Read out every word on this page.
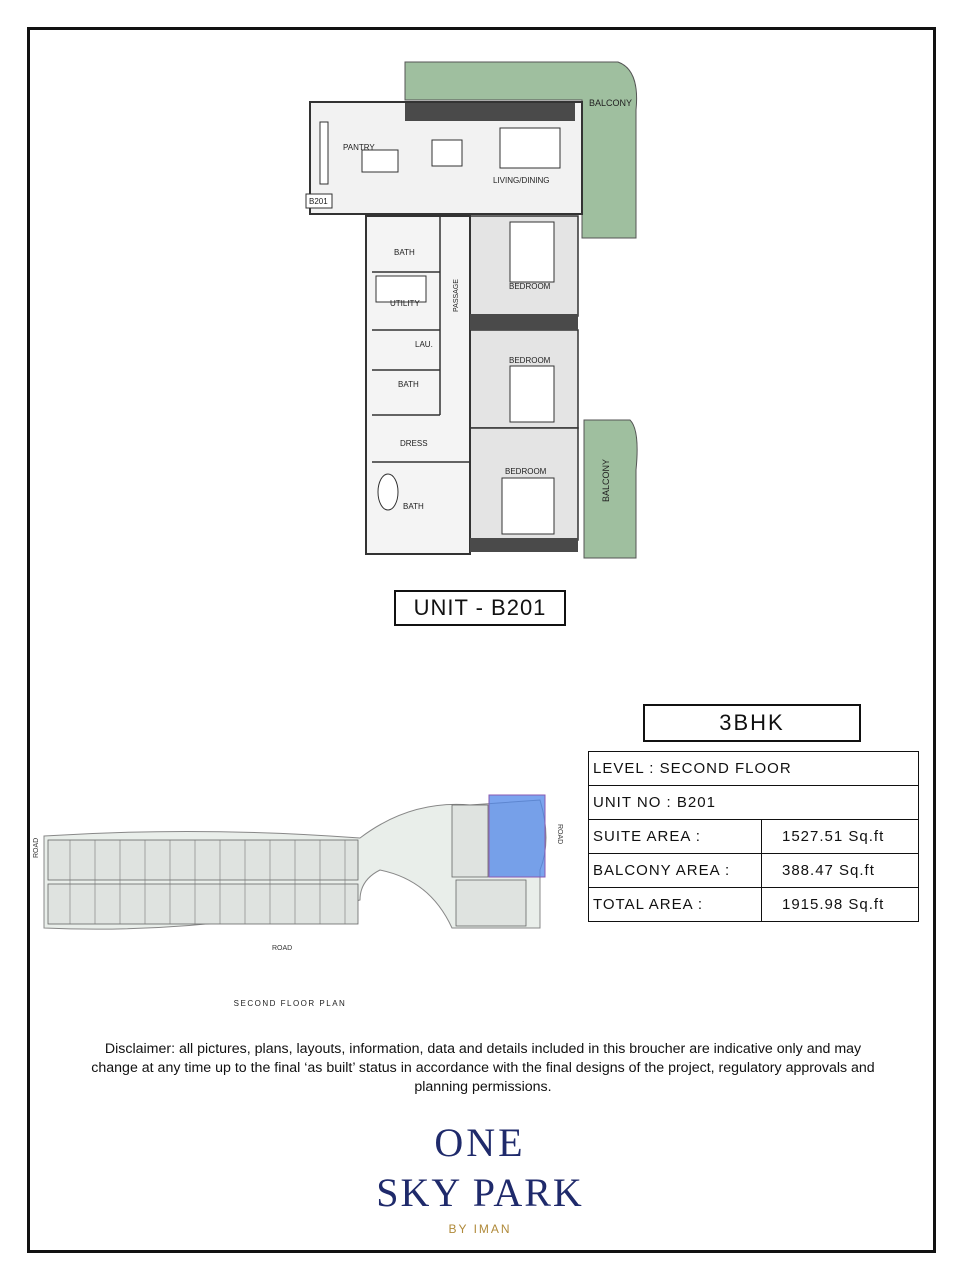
BALCONY
PANTRY
LIVING/DINING
B201
BATH
UTILITY	PASSAGE	BEDROOM
LAU.
BEDROOM
BATH
DRESS
BEDROOM
BATH
BALCONY
UNIT - B201
3BHK
LEVEL : SECOND FLOOR	
UNIT NO : B201	
SUITE AREA :	1527.51 Sq.ft
BALCONY AREA :	388.47 Sq.ft
TOTAL AREA :	1915.98 Sq.ft
ROAD
ROAD
ROAD
SECOND FLOOR PLAN
Disclaimer: all pictures, plans, layouts, information, data and details included in this broucher are indicative only and may change at any time up to the final ‘as built’ status in accordance with the final designs of the project, regulatory approvals and planning permissions.
ONE
SKY PARK
BY IMAN
